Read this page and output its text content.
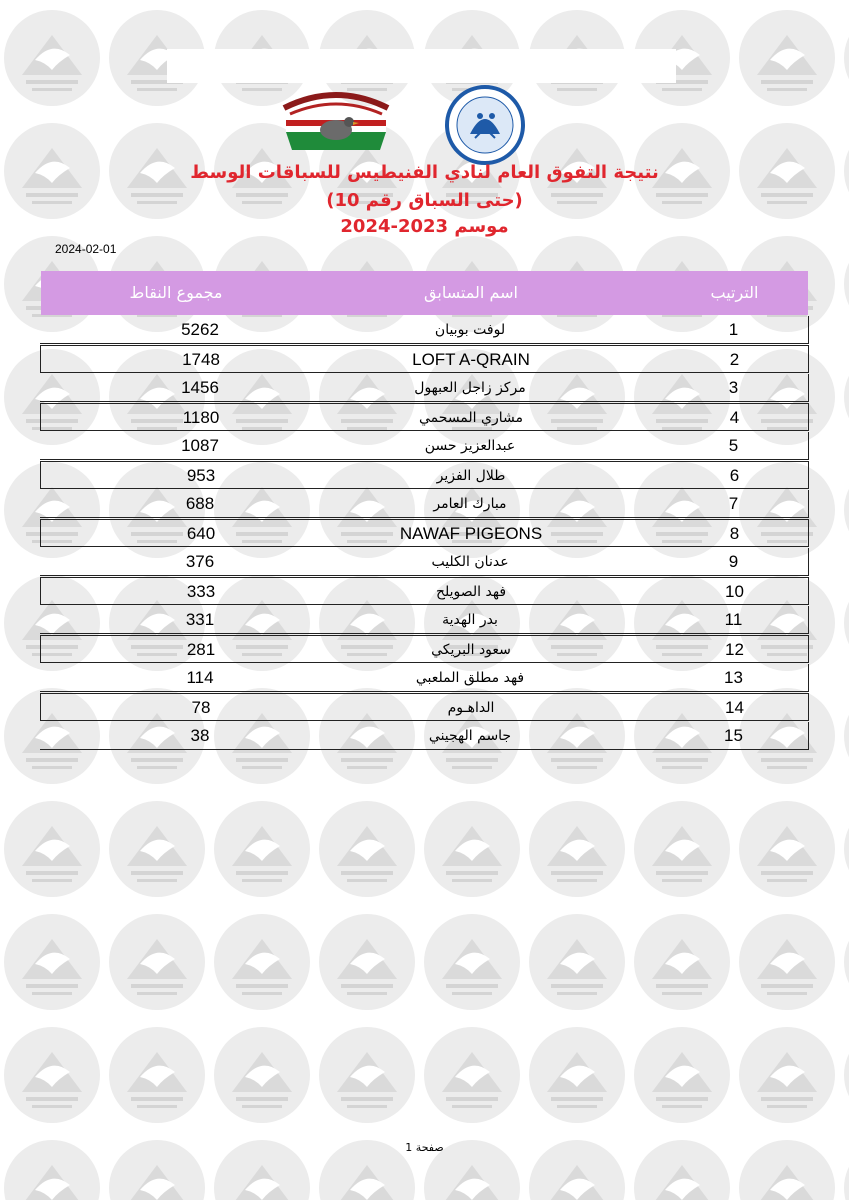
نتيجة التفوق العام لنادي الفنيطيس للسباقات الوسط
(حتى السباق رقم 10)
موسم 2023-2024
2024-02-01
الترتيب
اسم المتسابق
مجموع النقاط
1
لوفت بوبيان
5262
2
LOFT A-QRAIN
1748
3
مركز زاجل العبهول
1456
4
مشاري المسحمي
1180
5
عبدالعزيز حسن
1087
6
طلال الفزير
953
7
مبارك العامر
688
8
NAWAF PIGEONS
640
9
عدنان الكليب
376
10
فهد الصويلح
333
11
بدر الهدية
331
12
سعود البريكي
281
13
فهد مطلق الملعبي
114
14
الداهـوم
78
15
جاسم الهجيني
38
صفحة 1
